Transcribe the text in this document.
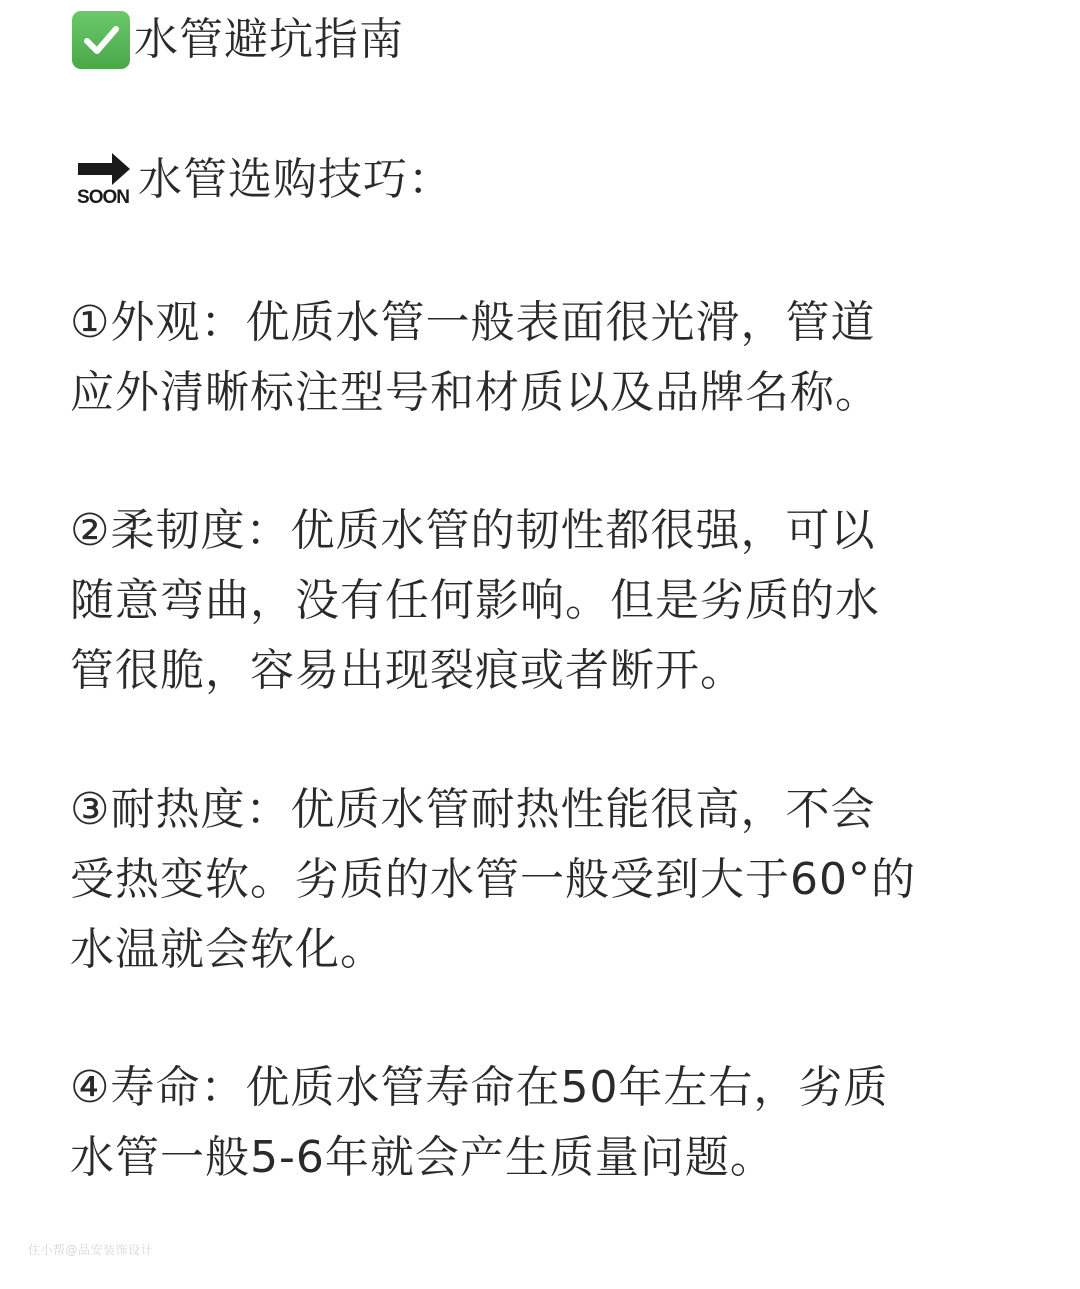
水管避坑指南
SOON 水管选购技巧：

①外观：优质水管一般表面很光滑，管道
应外清晰标注型号和材质以及品牌名称。

②柔韧度：优质水管的韧性都很强，可以
随意弯曲，没有任何影响。但是劣质的水
管很脆，容易出现裂痕或者断开。

③耐热度：优质水管耐热性能很高，不会
受热变软。劣质的水管一般受到大于60°的
水温就会软化。

④寿命：优质水管寿命在50年左右，劣质
水管一般5-6年就会产生质量问题。

住小帮@品安装饰设计
